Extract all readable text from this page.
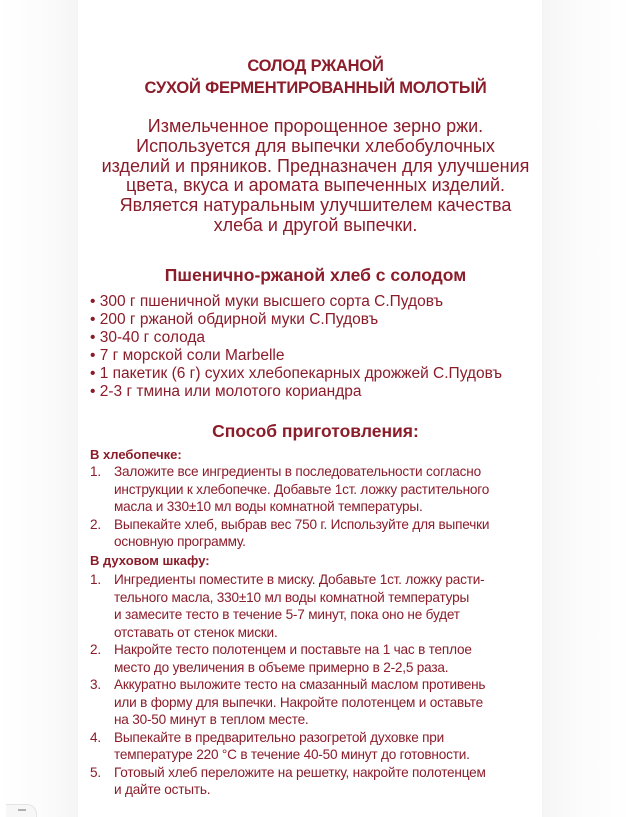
СОЛОД РЖАНОЙ
СУХОЙ ФЕРМЕНТИРОВАННЫЙ МОЛОТЫЙ
Измельченное пророщенное зерно ржи.
Используется для выпечки хлебобулочных
изделий и пряников. Предназначен для улучшения
цвета, вкуса и аромата выпеченных изделий.
Является натуральным улучшителем качества
хлеба и другой выпечки.
Пшенично-ржаной хлеб с солодом
• 300 г пшеничной муки высшего сорта С.Пудовъ
• 200 г ржаной обдирной муки С.Пудовъ
• 30-40 г солода
• 7 г морской соли Marbelle
• 1 пакетик (6 г) сухих хлебопекарных дрожжей С.Пудовъ
• 2-3 г тмина или молотого кориандра
Способ приготовления:
В хлебопечке:
1. Заложите все ингредиенты в последовательности согласно
инструкции к хлебопечке. Добавьте 1ст. ложку растительного
масла и 330±10 мл воды комнатной температуры.
2. Выпекайте хлеб, выбрав вес 750 г. Используйте для выпечки
основную программу.
В духовом шкафу:
1. Ингредиенты поместите в миску. Добавьте 1ст. ложку расти-
тельного масла, 330±10 мл воды комнатной температуры
и замесите тесто в течение 5-7 минут, пока оно не будет
отставать от стенок миски.
2. Накройте тесто полотенцем и поставьте на 1 час в теплое
место до увеличения в объеме примерно в 2-2,5 раза.
3. Аккуратно выложите тесто на смазанный маслом противень
или в форму для выпечки. Накройте полотенцем и оставьте
на 30-50 минут в теплом месте.
4. Выпекайте в предварительно разогретой духовке при
температуре 220 °С в течение 40-50 минут до готовности.
5. Готовый хлеб переложите на решетку, накройте полотенцем
и дайте остыть.
